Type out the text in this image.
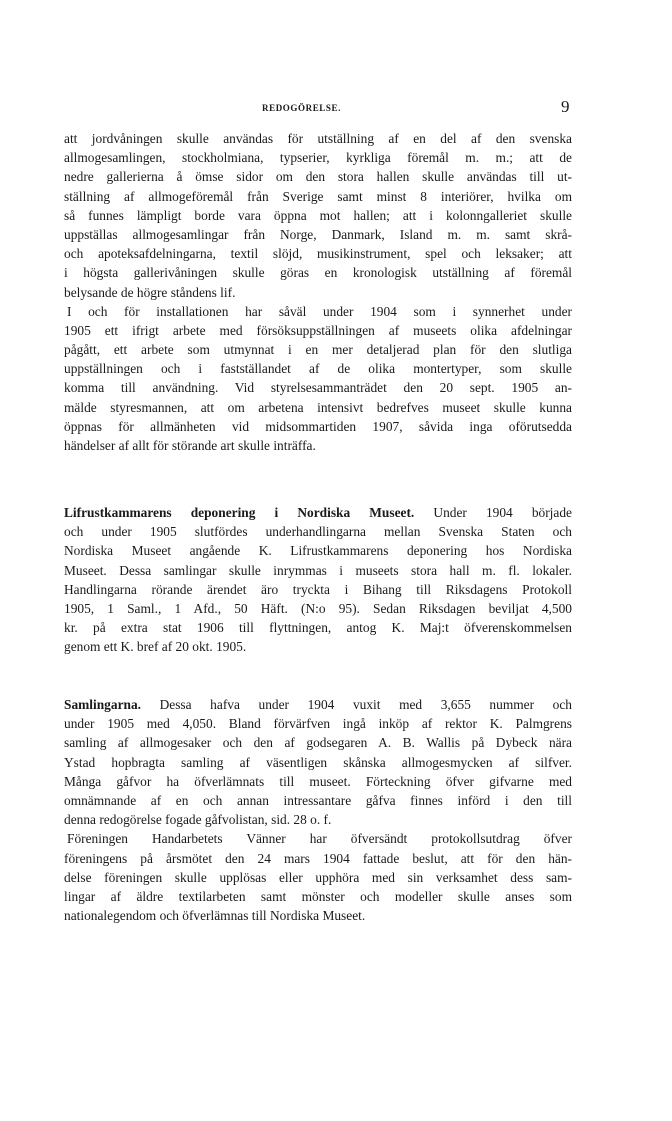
REDOGÖRELSE.	9
att jordvåningen skulle användas för utställning af en del af den svenska
allmogesamlingen, stockholmiana, typserier, kyrkliga föremål m. m.; att de
nedre gallerierna å ömse sidor om den stora hallen skulle användas till ut-
ställning af allmogeföremål från Sverige samt minst 8 interiörer, hvilka om
så funnes lämpligt borde vara öppna mot hallen; att i kolonngalleriet skulle
uppställas allmogesamlingar från Norge, Danmark, Island m. m. samt skrå-
och apoteksafdelningarna, textil slöjd, musikinstrument, spel och leksaker; att
i högsta gallerivåningen skulle göras en kronologisk utställning af föremål
belysande de högre ståndens lif.
I och för installationen har såväl under 1904 som i synnerhet under
1905 ett ifrigt arbete med försöksuppställningen af museets olika afdelningar
pågått, ett arbete som utmynnat i en mer detaljerad plan för den slutliga
uppställningen och i fastställandet af de olika montertyper, som skulle
komma till användning. Vid styrelsesammanträdet den 20 sept. 1905 an-
mälde styresmannen, att om arbetena intensivt bedrefves museet skulle kunna
öppnas för allmänheten vid midsommartiden 1907, såvida inga oförutsedda
händelser af allt för störande art skulle inträffa.
Lifrustkammarens deponering i Nordiska Museet. Under 1904 började
och under 1905 slutfördes underhandlingarna mellan Svenska Staten och
Nordiska Museet angående K. Lifrustkammarens deponering hos Nordiska
Museet. Dessa samlingar skulle inrymmas i museets stora hall m. fl. lokaler.
Handlingarna rörande ärendet äro tryckta i Bihang till Riksdagens Protokoll
1905, 1 Saml., 1 Afd., 50 Häft. (N:o 95). Sedan Riksdagen beviljat 4,500
kr. på extra stat 1906 till flyttningen, antog K. Maj:t öfverenskommelsen
genom ett K. bref af 20 okt. 1905.
Samlingarna. Dessa hafva under 1904 vuxit med 3,655 nummer och
under 1905 med 4,050. Bland förvärfven ingå inköp af rektor K. Palmgrens
samling af allmogesaker och den af godsegaren A. B. Wallis på Dybeck nära
Ystad hopbragta samling af väsentligen skånska allmogesmycken af silfver.
Många gåfvor ha öfverlämnats till museet. Förteckning öfver gifvarne med
omnämnande af en och annan intressantare gåfva finnes införd i den till
denna redogörelse fogade gåfvolistan, sid. 28 o. f.
Föreningen Handarbetets Vänner har öfversändt protokollsutdrag öfver
föreningens på årsmötet den 24 mars 1904 fattade beslut, att för den hän-
delse föreningen skulle upplösas eller upphöra med sin verksamhet dess sam-
lingar af äldre textilarbeten samt mönster och modeller skulle anses som
nationalegendom och öfverlämnas till Nordiska Museet.
